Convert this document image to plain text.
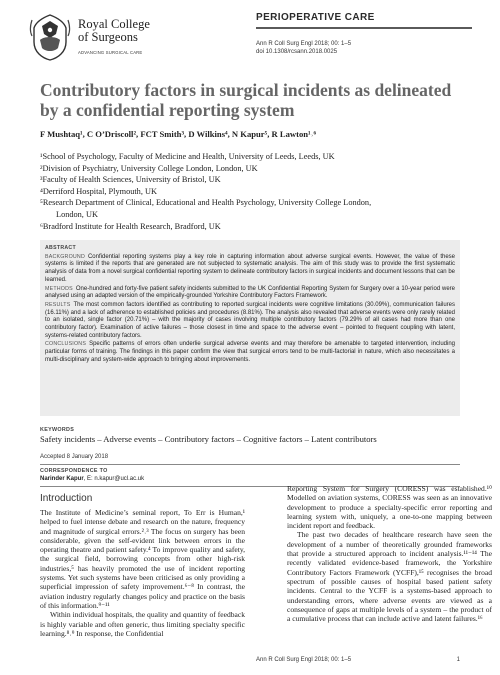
Royal College
of Surgeons
ADVANCING SURGICAL CARE
PERIOPERATIVE CARE
Ann R Coll Surg Engl 2018; 00: 1–5
doi 10.1308/rcsann.2018.0025
Contributory factors in surgical incidents as delineated by a confidential reporting system
F Mushtaq¹, C O’Driscoll², FCT Smith³, D Wilkins⁴, N Kapur⁵, R Lawton¹˒⁶
¹School of Psychology, Faculty of Medicine and Health, University of Leeds, Leeds, UK
²Division of Psychiatry, University College London, London, UK
³Faculty of Health Sciences, University of Bristol, UK
⁴Derriford Hospital, Plymouth, UK
⁵Research Department of Clinical, Educational and Health Psychology, University College London,
London, UK
⁶Bradford Institute for Health Research, Bradford, UK
ABSTRACT
BACKGROUND Confidential reporting systems play a key role in capturing information about adverse surgical events. However, the value of these systems is limited if the reports that are generated are not subjected to systematic analysis. The aim of this study was to provide the first systematic analysis of data from a novel surgical confidential reporting system to delineate contributory factors in surgical incidents and document lessons that can be learned.
METHODS One-hundred and forty-five patient safety incidents submitted to the UK Confidential Reporting System for Surgery over a 10-year period were analysed using an adapted version of the empirically-grounded Yorkshire Contributory Factors Framework.
RESULTS The most common factors identified as contributing to reported surgical incidents were cognitive limitations (30.09%), communication failures (16.11%) and a lack of adherence to established policies and procedures (8.81%). The analysis also revealed that adverse events were only rarely related to an isolated, single factor (20.71%) – with the majority of cases involving multiple contributory factors (79.29% of all cases had more than one contributory factor). Examination of active failures – those closest in time and space to the adverse event – pointed to frequent coupling with latent, systems-related contributory factors.
CONCLUSIONS Specific patterns of errors often underlie surgical adverse events and may therefore be amenable to targeted intervention, including particular forms of training. The findings in this paper confirm the view that surgical errors tend to be multi-factorial in nature, which also necessitates a multi-disciplinary and system-wide approach to bringing about improvements.
KEYWORDS
Safety incidents – Adverse events – Contributory factors – Cognitive factors – Latent contributors
Accepted 8 January 2018
CORRESPONDENCE TO
Narinder Kapur, E: n.kapur@ucl.ac.uk
Introduction

The Institute of Medicine’s seminal report, To Err is Human,¹ helped to fuel intense debate and research on the nature, frequency and magnitude of surgical errors.²˒³ The focus on surgery has been considerable, given the self-evident link between errors in the operating theatre and patient safety.⁴ To improve quality and safety, the surgical field, borrowing concepts from other high-risk industries,⁵ has heavily promoted the use of incident reporting systems. Yet such systems have been criticised as only providing a superficial impression of safety improvement.⁶⁻⁸ In contrast, the aviation industry regularly changes policy and practice on the basis of this information.⁹⁻¹¹

Within individual hospitals, the quality and quantity of feedback is highly variable and often generic, thus limiting specialty specific learning.⁸˒⁹ In response, the Confidential

Reporting System for Surgery (CORESS) was established.¹⁰ Modelled on aviation systems, CORESS was seen as an innovative development to produce a specialty-specific error reporting and learning system with, uniquely, a one-to-one mapping between incident report and feedback.

The past two decades of healthcare research have seen the development of a number of theoretically grounded frameworks that provide a structured approach to incident analysis.¹¹⁻¹⁴ The recently validated evidence-based framework, the Yorkshire Contributory Factors Framework (YCFF),¹⁵ recognises the broad spectrum of possible causes of hospital based patient safety incidents. Central to the YCFF is a systems-based approach to understanding errors, where adverse events are viewed as a consequence of gaps at multiple levels of a system – the product of a cumulative process that can include active and latent failures.¹⁶

Ann R Coll Surg Engl 2018; 00: 1–5	1
